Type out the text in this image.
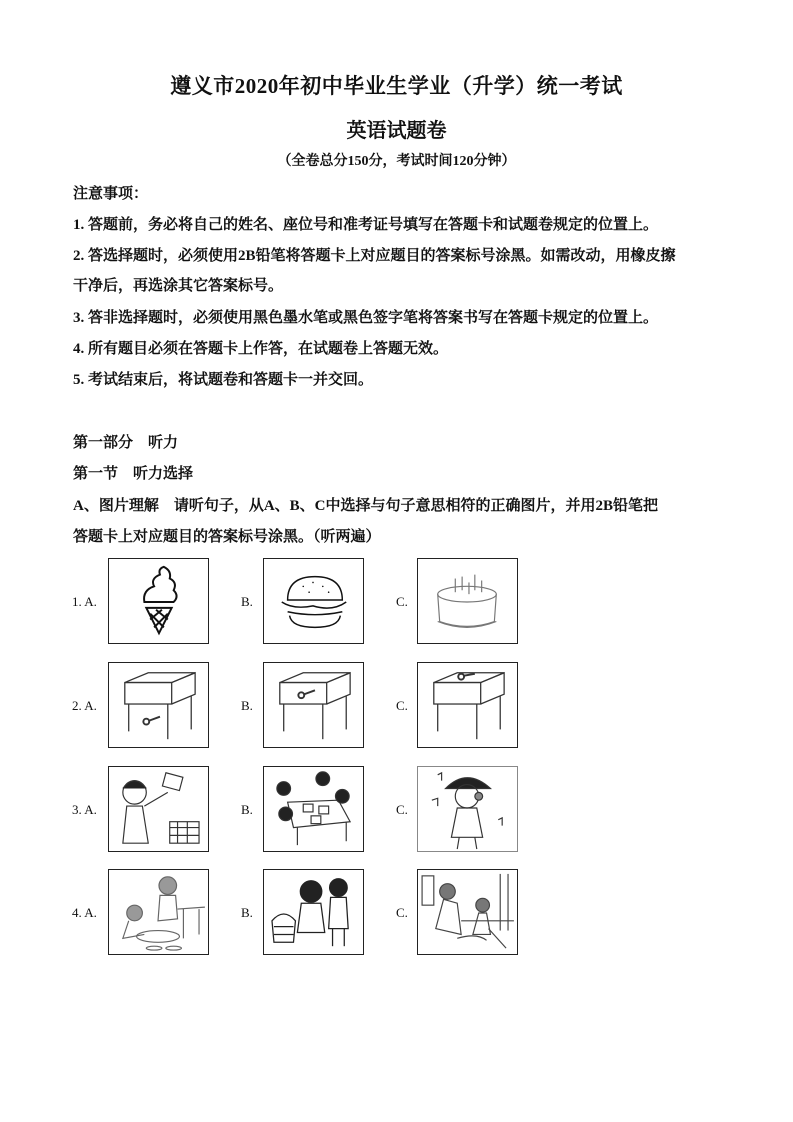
遵义市2020年初中毕业生学业（升学）统一考试
英语试题卷
（全卷总分150分，考试时间120分钟）
注意事项：
1. 答题前，务必将自己的姓名、座位号和准考证号填写在答题卡和试题卷规定的位置上。
2. 答选择题时，必须使用2B铅笔将答题卡上对应题目的答案标号涂黑。如需改动，用橡皮擦
干净后，再选涂其它答案标号。
3. 答非选择题时，必须使用黑色墨水笔或黑色签字笔将答案书写在答题卡规定的位置上。
4. 所有题目必须在答题卡上作答，在试题卷上答题无效。
5. 考试结束后，将试题卷和答题卡一并交回。
第一部分　听力
第一节　听力选择
A、图片理解　请听句子，从A、B、C中选择与句子意思相符的正确图片，并用2B铅笔把
答题卡上对应题目的答案标号涂黑。（听两遍）
1. A.	B.	C.
2. A.	B.	C.
3. A.	B.	C.
4. A.	B.	C.
